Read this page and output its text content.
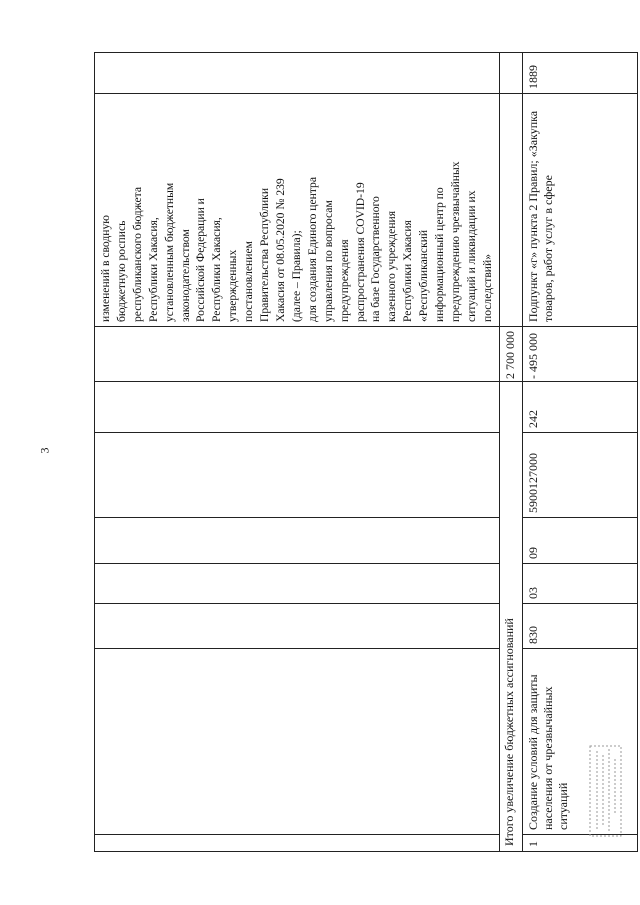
3
изменений в сводную бюджетную роспись республиканского бюджета Республики Хакасия, установленным бюджетным законодательством Российской Федерации и Республики Хакасия, утвержденных постановлением Правительства Республики Хакасия от 08.05.2020 № 239 (далее – Правила); для создания Единого центра управления по вопросам предупреждения распространения COVID-19 на базе Государственного казенного учреждения Республики Хакасия «Республиканский информационный центр по предупреждению чрезвычайных ситуаций и ликвидации их последствий»
Итого увеличение бюджетных ассигнований
2 700 000
1
Создание условий для защиты населения от чрезвычайных ситуаций
830
03
09
5900127000
242
- 495 000
Подпункт «г» пункта 2 Правил; «Закупка товаров, работ услуг в сфере
1889
